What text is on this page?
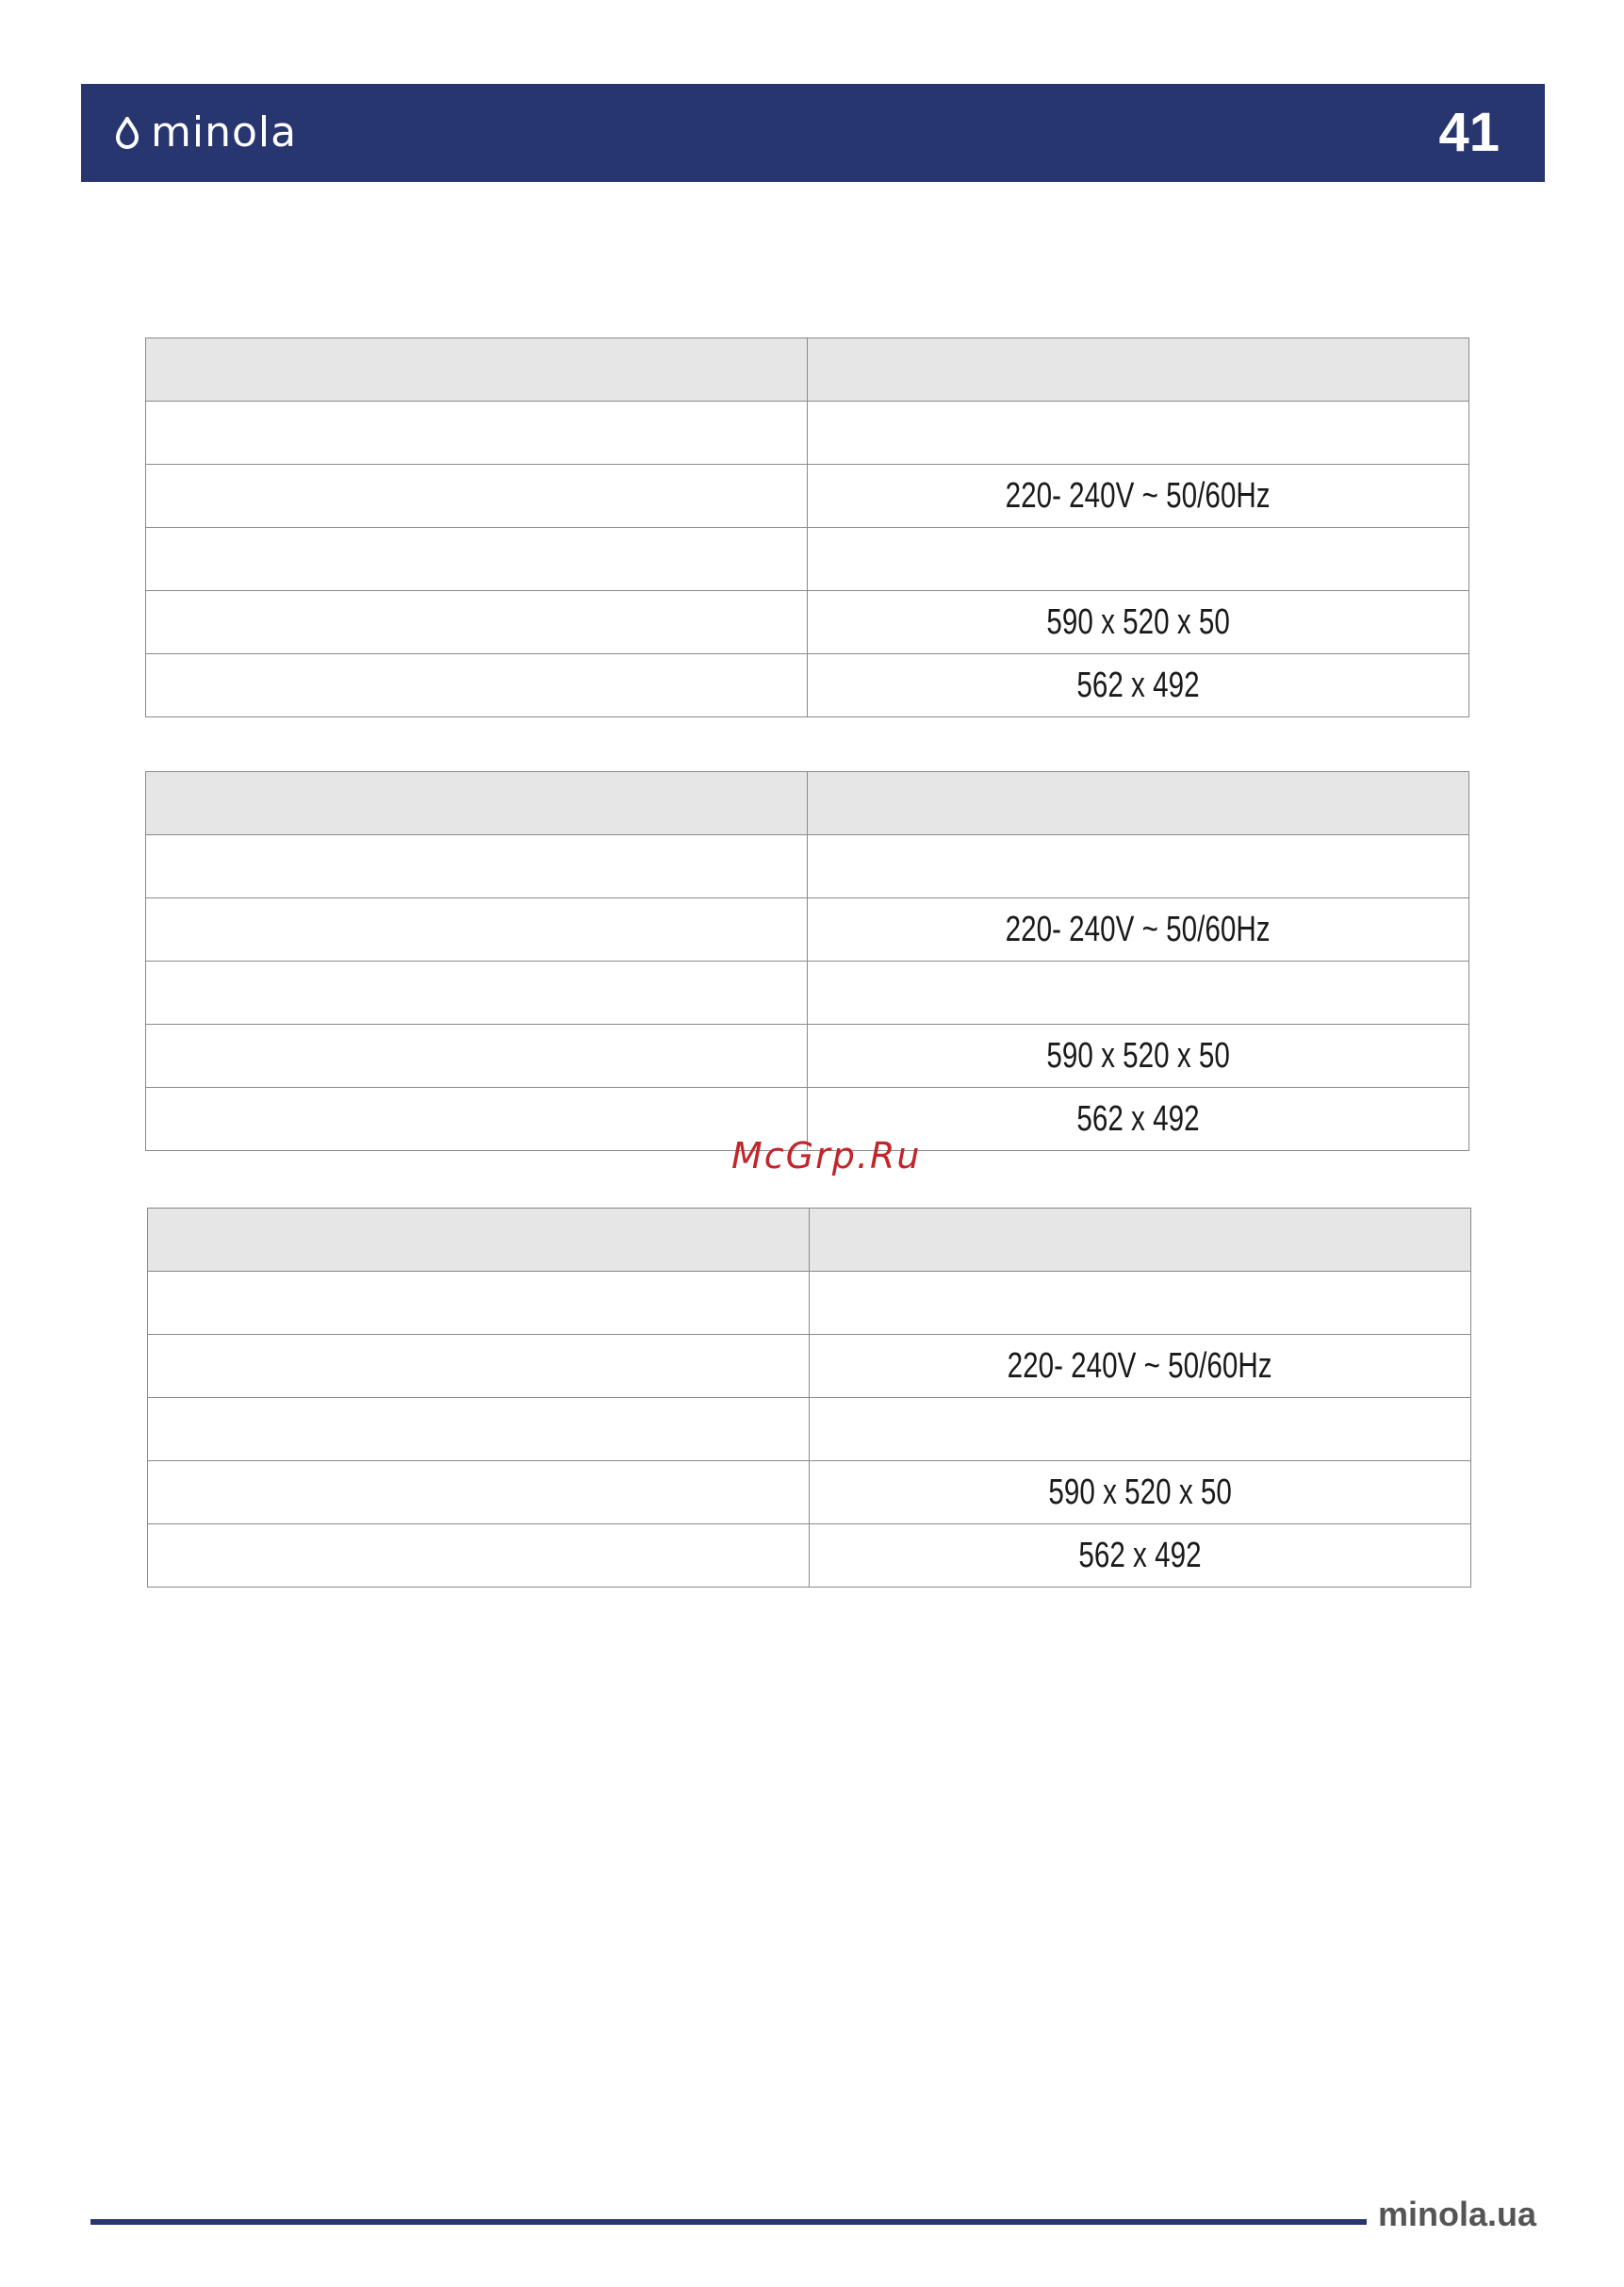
minola	41

	220- 240V ~ 50/60Hz

	590 x 520 x 50
	562 x 492

	220- 240V ~ 50/60Hz

	590 x 520 x 50
	562 x 492

	220- 240V ~ 50/60Hz

	590 x 520 x 50
	562 x 492
McGrp.Ru
minola.ua
